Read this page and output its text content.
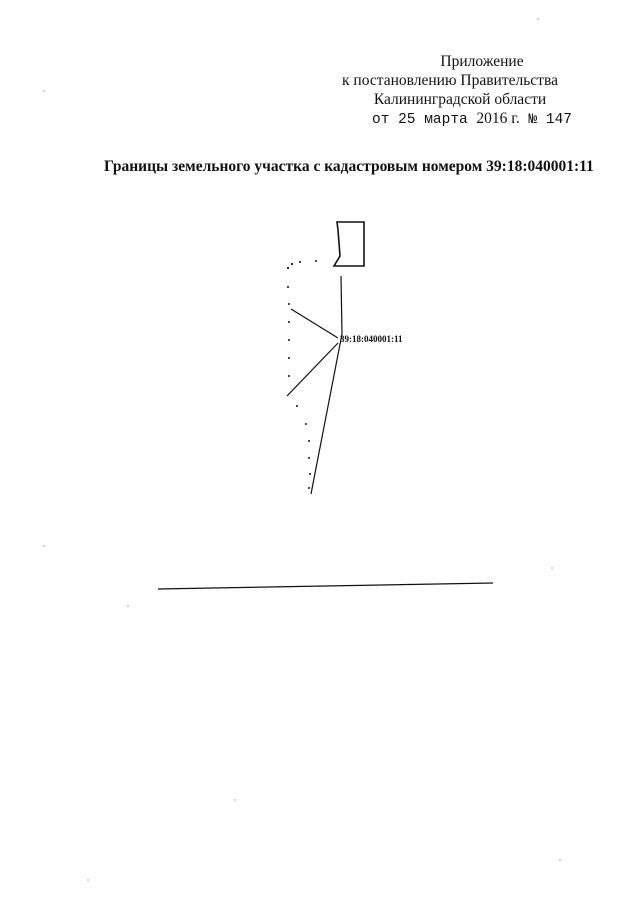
Приложение
к постановлению Правительства
Калининградской области
от 25 марта 2016 г. № 147
Границы земельного участка с кадастровым номером 39:18:040001:11
39:18:040001:11
